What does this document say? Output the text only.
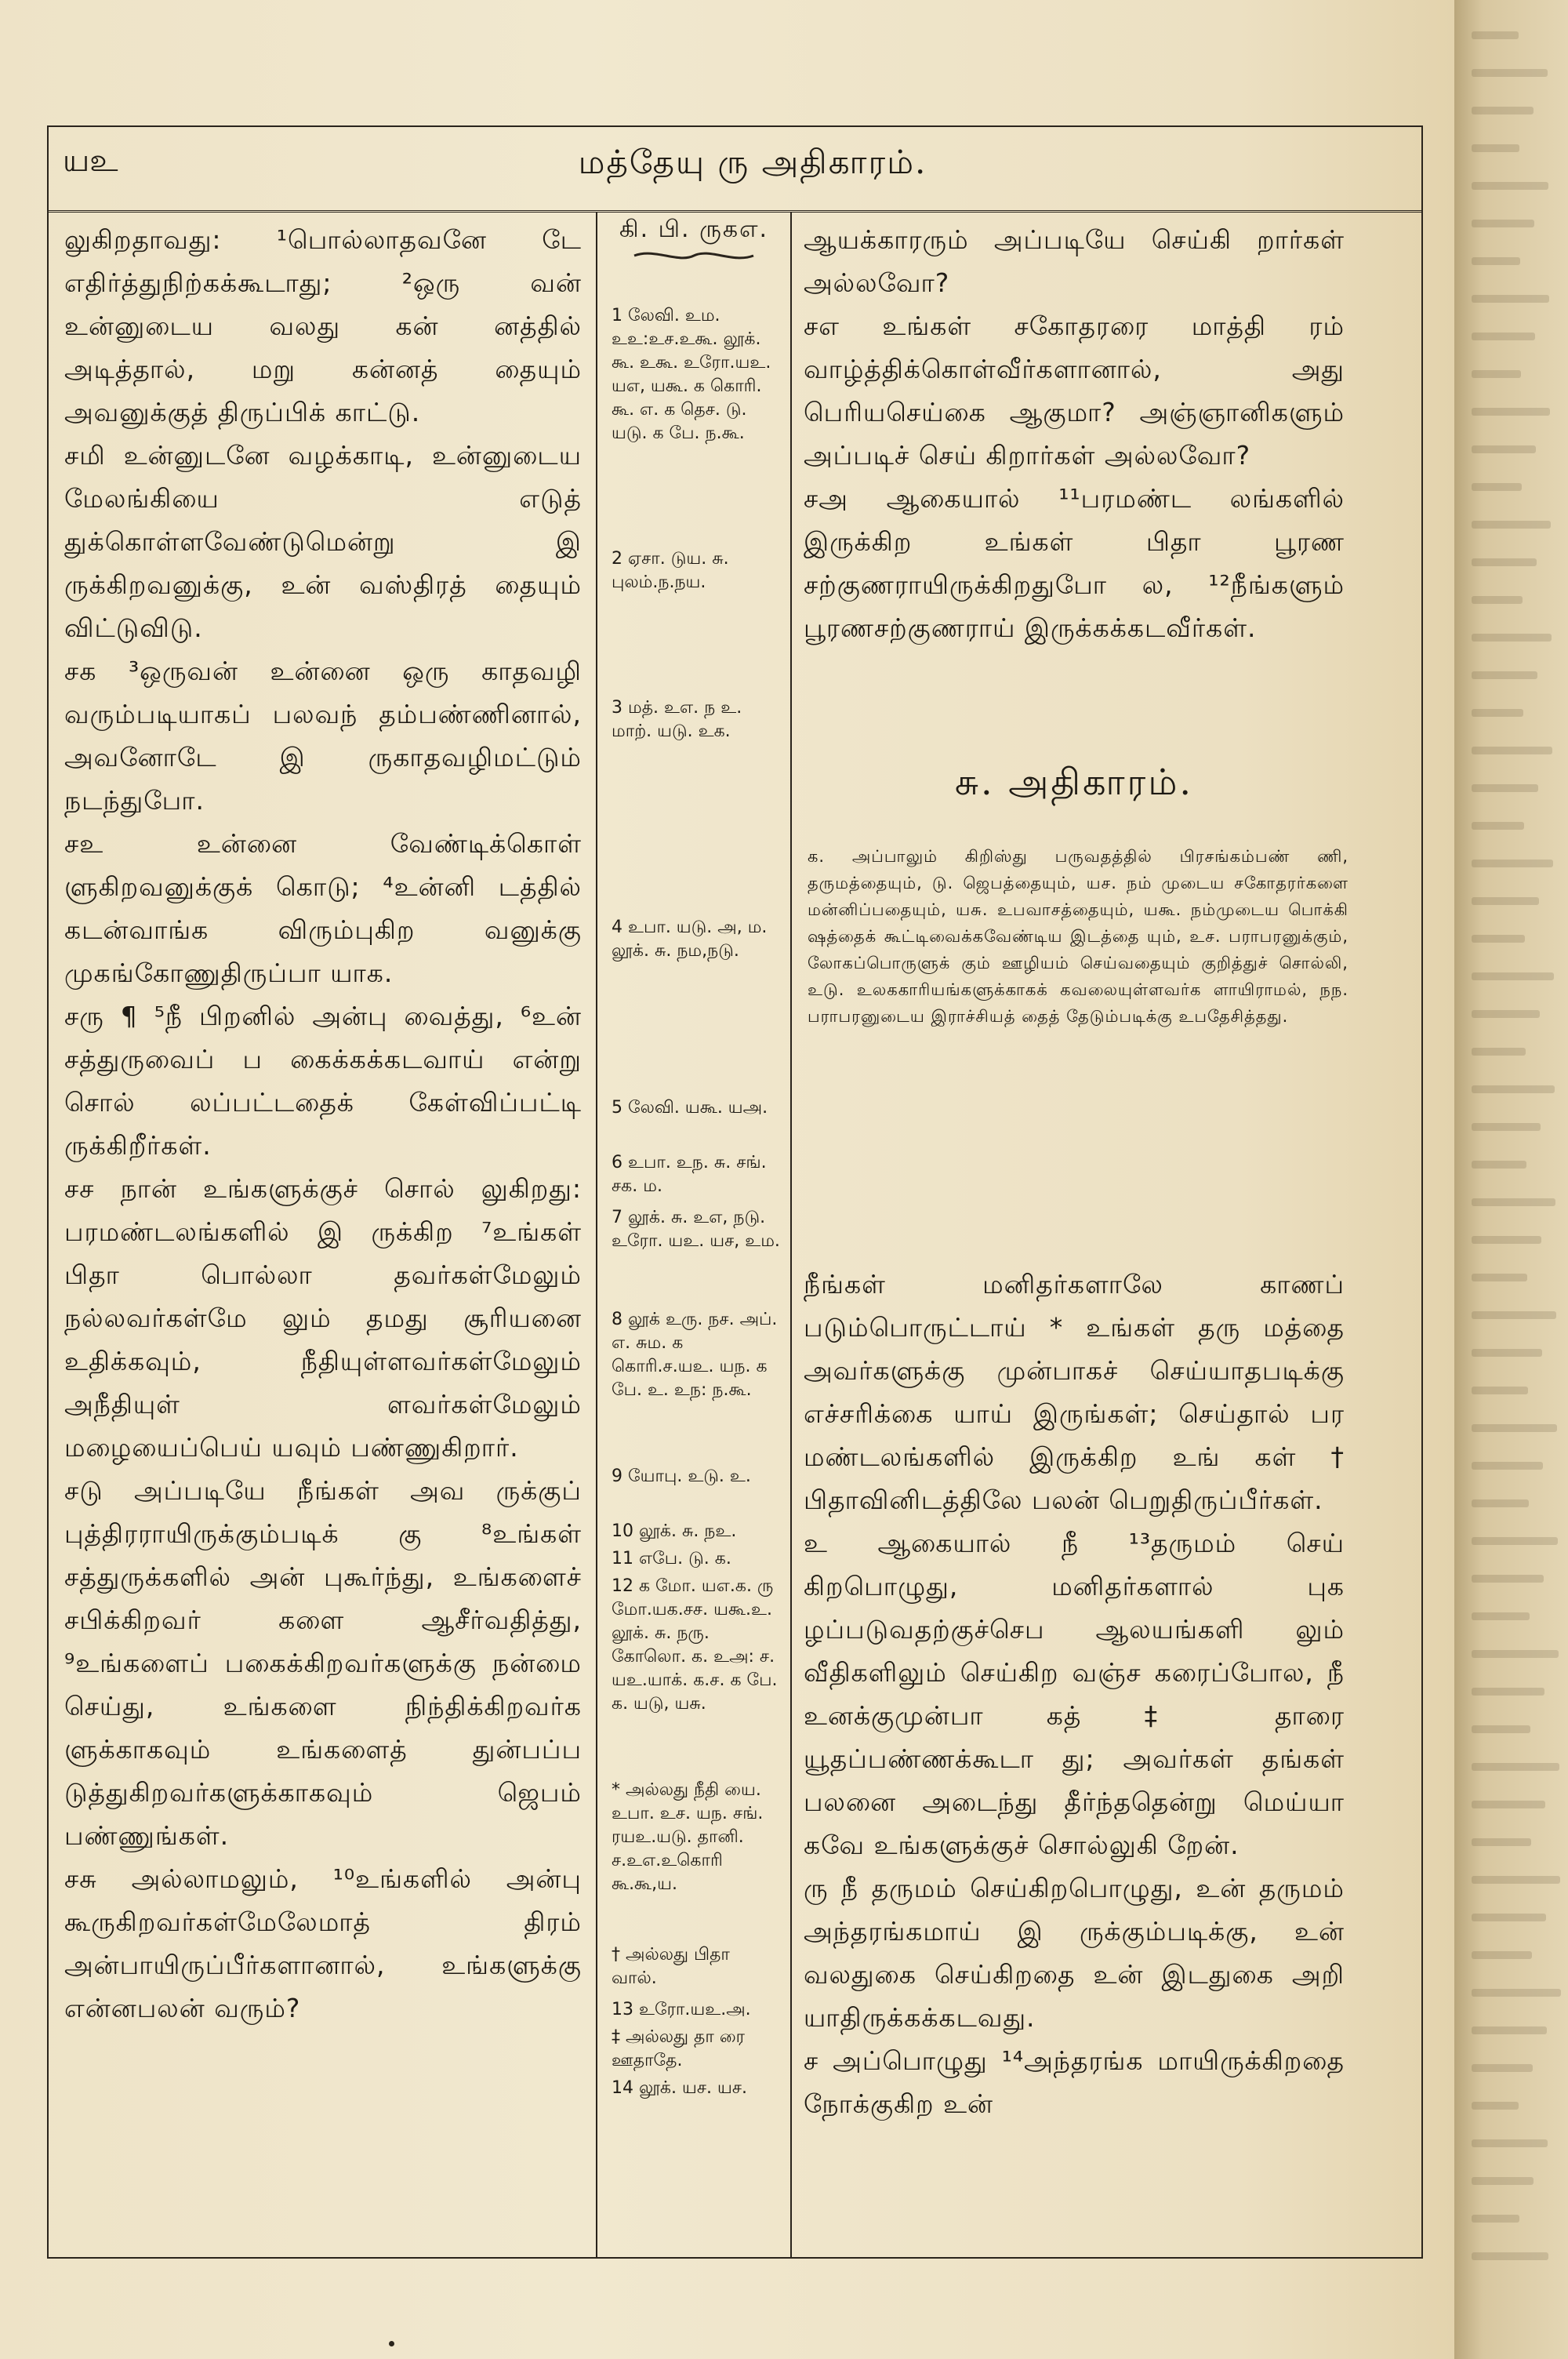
யஉ	மத்தேயு ரு அதிகாரம்.

லுகிறதாவது: ¹பொல்லாதவனே டே எதிர்த்துநிற்கக்கூடாது; ²ஒரு வன் உன்னுடைய வலது கன் னத்தில் அடித்தால், மறு கன்னத் தையும் அவனுக்குத் திருப்பிக் காட்டு.

சமி உன்னுடனே வழக்காடி, உன்னுடைய மேலங்கியை எடுத் துக்கொள்ளவேண்டுமென்று இ ருக்கிறவனுக்கு, உன் வஸ்திரத் தையும் விட்டுவிடு.

சக ³ஒருவன் உன்னை ஒரு காதவழி வரும்படியாகப் பலவந் தம்பண்ணினால், அவனோடே இ ருகாதவழிமட்டும் நடந்துபோ.

சஉ உன்னை வேண்டிக்கொள் ளுகிறவனுக்குக் கொடு; ⁴உன்னி டத்தில் கடன்வாங்க விரும்புகிற வனுக்கு முகங்கோணுதிருப்பா யாக.

சரு ¶ ⁵நீ பிறனில் அன்பு வைத்து, ⁶உன் சத்துருவைப் ப கைக்கக்கடவாய் என்று சொல் லப்பட்டதைக் கேள்விப்பட்டி ருக்கிறீர்கள்.

சச நான் உங்களுக்குச் சொல் லுகிறது: பரமண்டலங்களில் இ ருக்கிற ⁷உங்கள் பிதா பொல்லா தவர்கள்மேலும் நல்லவர்கள்மே லும் தமது சூரியனை உதிக்கவும், நீதியுள்ளவர்கள்மேலும் அநீதியுள் ளவர்கள்மேலும் மழையைப்பெய் யவும் பண்ணுகிறார்.

சடு அப்படியே நீங்கள் அவ ருக்குப் புத்திரராயிருக்கும்படிக் கு ⁸உங்கள் சத்துருக்களில் அன் புகூர்ந்து, உங்களைச் சபிக்கிறவர் களை ஆசீர்வதித்து, ⁹உங்களைப் பகைக்கிறவர்களுக்கு நன்மை செய்து, உங்களை நிந்திக்கிறவர்க ளுக்காகவும் உங்களைத் துன்பப்ப டுத்துகிறவர்களுக்காகவும் ஜெபம் பண்ணுங்கள்.

சசு அல்லாமலும், ¹⁰உங்களில் அன்பு கூருகிறவர்கள்மேலேமாத் திரம் அன்பாயிருப்பீர்களானால், உங்களுக்கு என்னபலன் வரும்?

கி. பி. ருகஎ.
1 லேவி. உம. உஉ:உச.உகூ. லூக். கூ. உகூ. உரோ.யஉ. யஎ, யகூ. க கொரி. கூ. எ. க தெச. டு. யடு. க பே. ந.கூ.
2 ஏசா. டுய. சு. புலம்.ந.நய.
3 மத். உஎ. ந உ. மாற். யடு. உக.
4 உபா. யடு. அ, ம. லூக். சு. நம,நடு.
5 லேவி. யகூ. யஅ.
6 உபா. உந. சு. சங். சக. ம.
7 லூக். சு. உஎ, நடு. உரோ. யஉ. யச, உம.
8 லூக் உரு. நச. அப். எ. சும. க கொரி.ச.யஉ. யந. க பே. உ. உந: ந.கூ.
9 யோபு. உடு. உ.
10 லூக். சு. நஉ.
11 எபே. டு. க.
12 க மோ. யஎ.க. ரு மோ.யக.சச. யகூ.உ. லூக். சு. நரு. கோலொ. க. உஅ: ச. யஉ.யாக். க.ச. க பே. க. யடு, யசு.
* அல்லது நீதி யை. உபா. உச. யந. சங். ரயஉ.யடு. தானி. ச.உஎ.உகொரி கூ.கூ,ய.
† அல்லது பிதா வால்.
13 உரோ.யஉ.அ.
‡ அல்லது தா ரை ஊதாதே.
14 லூக். யச. யச.

ஆயக்காரரும் அப்படியே செய்கி றார்கள் அல்லவோ?

சஎ உங்கள் சகோதரரை மாத்தி ரம் வாழ்த்திக்கொள்வீர்களானால், அது பெரியசெய்கை ஆகுமா? அஞ்ஞானிகளும் அப்படிச் செய் கிறார்கள் அல்லவோ?

சஅ ஆகையால் ¹¹பரமண்ட லங்களில் இருக்கிற உங்கள் பிதா பூரண சற்குணராயிருக்கிறதுபோ ல, ¹²நீங்களும் பூரணசற்குணராய் இருக்கக்கடவீர்கள்.

சு. அதிகாரம்.
க. அப்பாலும் கிறிஸ்து பருவதத்தில் பிரசங்கம்பண் ணி, தருமத்தையும், டு. ஜெபத்தையும், யச. நம் முடைய சகோதரர்களை மன்னிப்பதையும், யசு. உபவாசத்தையும், யகூ. நம்முடைய பொக்கி ஷத்தைக் கூட்டிவைக்கவேண்டிய இடத்தை யும், உச. பராபரனுக்கும், லோகப்பொருளுக் கும் ஊழியம் செய்வதையும் குறித்துச் சொல்லி, உடு. உலககாரியங்களுக்காகக் கவலையுள்ளவர்க ளாயிராமல், நந. பராபரனுடைய இராச்சியத் தைத் தேடும்படிக்கு உபதேசித்தது.

நீங்கள் மனிதர்களாலே காணப் படும்பொருட்டாய் * உங்கள் தரு மத்தை அவர்களுக்கு முன்பாகச் செய்யாதபடிக்கு எச்சரிக்கை யாய் இருங்கள்; செய்தால் பர மண்டலங்களில் இருக்கிற உங் கள் † பிதாவினிடத்திலே பலன் பெறுதிருப்பீர்கள்.

உ ஆகையால் நீ ¹³தருமம் செய் கிறபொழுது, மனிதர்களால் புக ழப்படுவதற்குச்செப ஆலயங்களி லும் வீதிகளிலும் செய்கிற வஞ்ச கரைப்போல, நீ உனக்குமுன்பா கத் ‡ தாரை யூதப்பண்ணக்கூடா து; அவர்கள் தங்கள் பலனை அடைந்து தீர்ந்ததென்று மெய்யா கவே உங்களுக்குச் சொல்லுகி றேன்.

ரு நீ தருமம் செய்கிறபொழுது, உன் தருமம் அந்தரங்கமாய் இ ருக்கும்படிக்கு, உன் வலதுகை செய்கிறதை உன் இடதுகை அறி யாதிருக்கக்கடவது.

ச அப்பொழுது ¹⁴அந்தரங்க மாயிருக்கிறதை நோக்குகிற உன்
